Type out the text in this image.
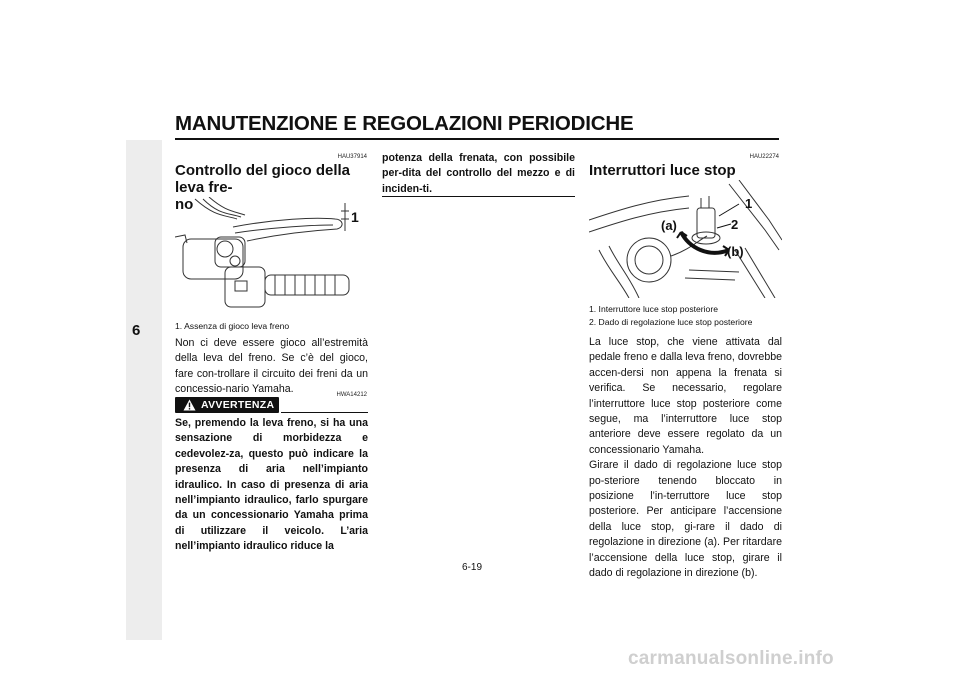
MANUTENZIONE E REGOLAZIONI PERIODICHE
6
HAU37914
Controllo del gioco della leva fre-
no
1
1. Assenza di gioco leva freno
Non ci deve essere gioco all’estremità della leva del freno. Se c’è del gioco, fare con-trollare il circuito dei freni da un concessio-nario Yamaha.	HWA14212
AVVERTENZA
Se, premendo la leva freno, si ha una sensazione di morbidezza e cedevolez-za, questo può indicare la presenza di aria nell’impianto idraulico. In caso di presenza di aria nell’impianto idraulico, farlo spurgare da un concessionario Yamaha prima di utilizzare il veicolo. L’aria nell’impianto idraulico riduce la
potenza della frenata, con possibile per-dita del controllo del mezzo e di inciden-ti.
HAU22274
Interruttori luce stop
1
2
(a)
(b)
1. Interruttore luce stop posteriore
2. Dado di regolazione luce stop posteriore
La luce stop, che viene attivata dal pedale freno e dalla leva freno, dovrebbe accen-dersi non appena la frenata si verifica. Se necessario, regolare l’interruttore luce stop posteriore come segue, ma l’interruttore luce stop anteriore deve essere regolato da un concessionario Yamaha.
Girare il dado di regolazione luce stop po-steriore tenendo bloccato in posizione l’in-terruttore luce stop posteriore. Per anticipare l’accensione della luce stop, gi-rare il dado di regolazione in direzione (a). Per ritardare l’accensione della luce stop, girare il dado di regolazione in direzione (b).
6-19
carmanualsonline.info
